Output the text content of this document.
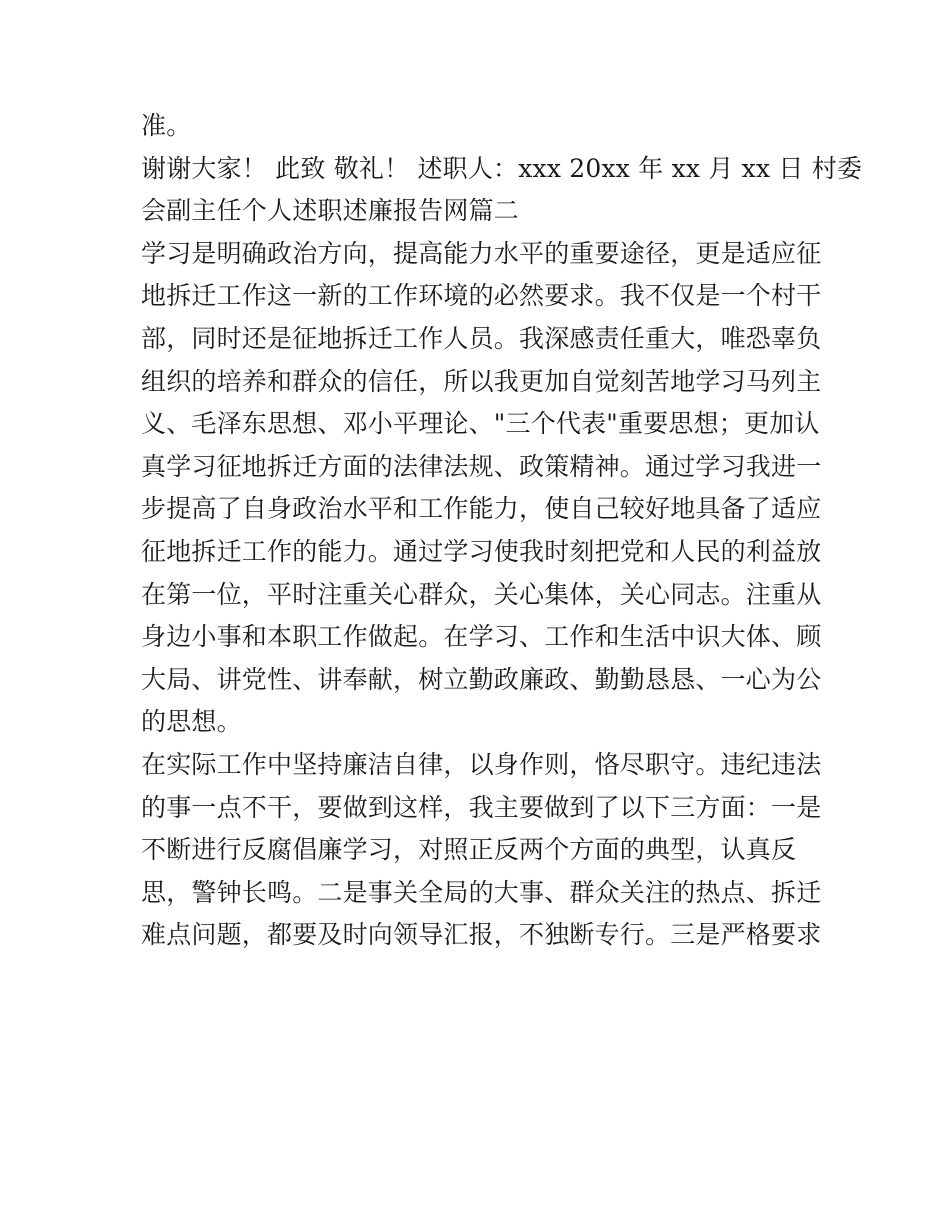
准。
谢谢大家！ 此致 敬礼！ 述职人：xxx 20xx 年 xx 月 xx 日 村委
会副主任个人述职述廉报告网篇二
学习是明确政治方向，提高能力水平的重要途径，更是适应征
地拆迁工作这一新的工作环境的必然要求。我不仅是一个村干
部，同时还是征地拆迁工作人员。我深感责任重大，唯恐辜负
组织的培养和群众的信任，所以我更加自觉刻苦地学习马列主
义、毛泽东思想、邓小平理论、"三个代表"重要思想；更加认
真学习征地拆迁方面的法律法规、政策精神。通过学习我进一
步提高了自身政治水平和工作能力，使自己较好地具备了适应
征地拆迁工作的能力。通过学习使我时刻把党和人民的利益放
在第一位，平时注重关心群众，关心集体，关心同志。注重从
身边小事和本职工作做起。在学习、工作和生活中识大体、顾
大局、讲党性、讲奉献，树立勤政廉政、勤勤恳恳、一心为公
的思想。
在实际工作中坚持廉洁自律，以身作则，恪尽职守。违纪违法
的事一点不干，要做到这样，我主要做到了以下三方面：一是
不断进行反腐倡廉学习，对照正反两个方面的典型，认真反
思，警钟长鸣。二是事关全局的大事、群众关注的热点、拆迁
难点问题，都要及时向领导汇报，不独断专行。三是严格要求
